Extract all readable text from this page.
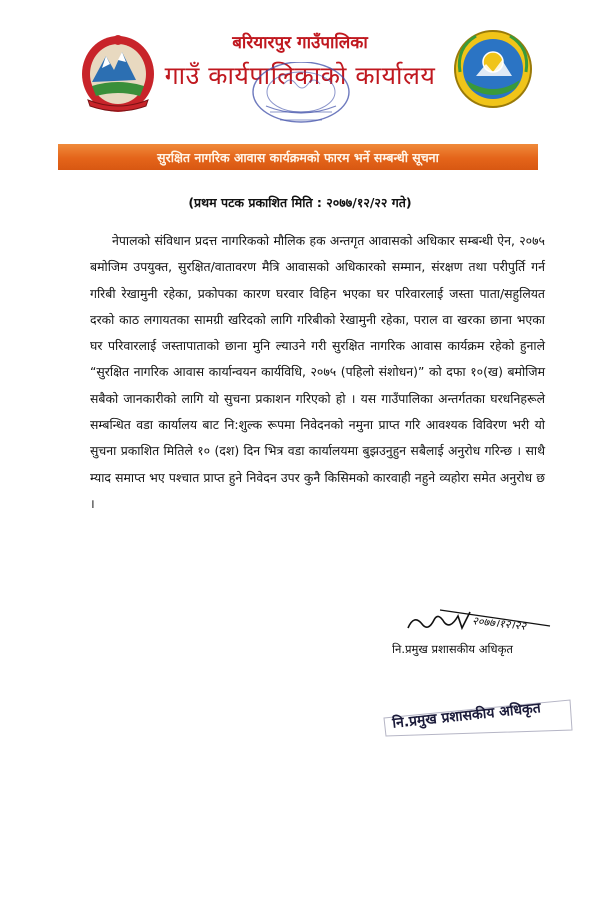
बरियारपुर गाउँपालिका
गाउँ कार्यपालिकाको कार्यालय
सुरक्षित नागरिक आवास कार्यक्रमको फारम भर्ने सम्बन्धी सूचना
(प्रथम पटक प्रकाशित मिति : २०७७/१२/२२ गते)
नेपालको संविधान प्रदत्त नागरिकको मौलिक हक अन्तगृत आवासको अधिकार सम्बन्धी ऐन, २०७५ बमोजिम उपयुक्त, सुरक्षित/वातावरण मैत्रि आवासको अधिकारको सम्मान, संरक्षण तथा परीपुर्ति गर्न गरिबी रेखामुनी रहेका, प्रकोपका कारण घरवार विहिन भएका घर परिवारलाई जस्ता पाता/सहुलियत दरको काठ लगायतका सामग्री खरिदको लागि गरिबीको रेखामुनी रहेका, पराल वा खरका छाना भएका घर परिवारलाई जस्तापाताको छाना मुनि ल्याउने गरी सुरक्षित नागरिक आवास कार्यक्रम रहेको हुनाले “सुरक्षित नागरिक आवास कार्यान्वयन कार्यविधि, २०७५ (पहिलो संशोधन)” को दफा १०(ख) बमोजिम सबैको जानकारीको लागि यो सुचना प्रकाशन गरिएको हो । यस गाउँपालिका अन्तर्गतका घरधनिहरूले सम्बन्धित वडा कार्यालय बाट नि:शुल्क रूपमा निवेदनको नमुना प्राप्त गरि आवश्यक विविरण भरी यो सुचना प्रकाशित मितिले १० (दश) दिन भित्र वडा कार्यालयमा बुझउनुहुन सबैलाई अनुरोध गरिन्छ । साथै म्याद समाप्त भए पश्चात प्राप्त हुने निवेदन उपर कुनै किसिमको कारवाही नहुने व्यहोरा समेत अनुरोध छ ।
२०७७।१२।२२
नि.प्रमुख प्रशासकीय अधिकृत
नि.प्रमुख प्रशासकीय अधिकृत
